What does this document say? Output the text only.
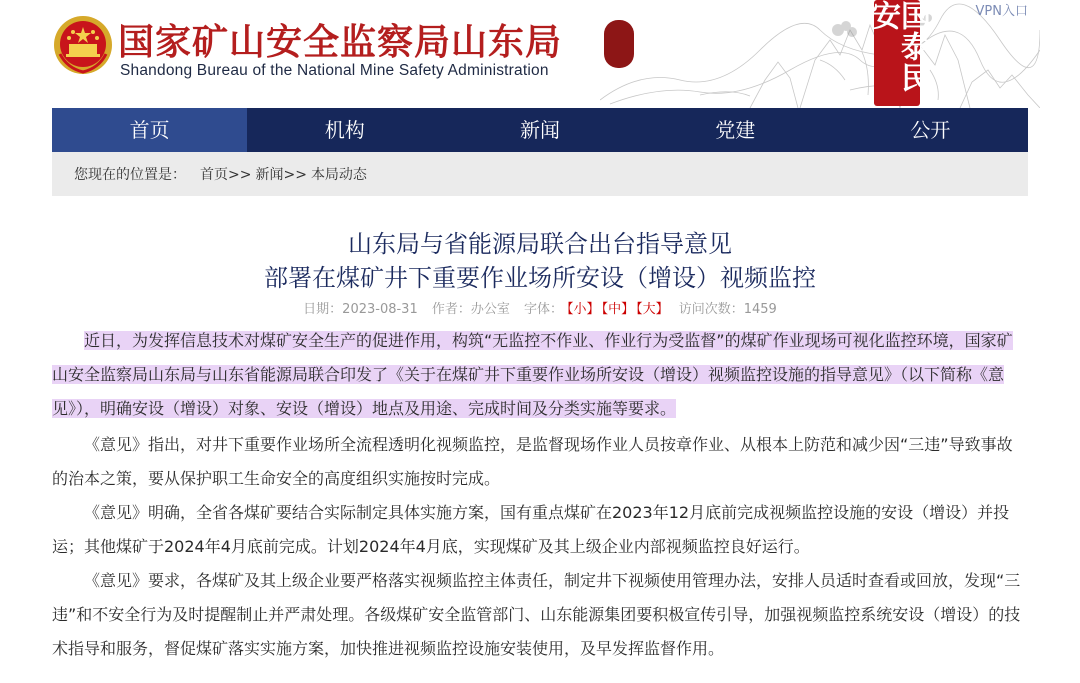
VPN入口
国家矿山安全监察局山东局
Shandong Bureau of the National Mine Safety Administration	国泰民安
首页	机构	新闻	党建	公开
您现在的位置是： 首页>> 新闻>> 本局动态
山东局与省能源局联合出台指导意见
部署在煤矿井下重要作业场所安设（增设）视频监控
日期：2023-08-31 作者：办公室 字体： 【小】 【中】 【大】 访问次数：1459

近日，为发挥信息技术对煤矿安全生产的促进作用，构筑“无监控不作业、作业行为受监督”的煤矿作业现场可视化监控环境，国家矿山安全监察局山东局与山东省能源局联合印发了《关于在煤矿井下重要作业场所安设（增设）视频监控设施的指导意见》（以下简称《意见》），明确安设（增设）对象、安设（增设）地点及用途、完成时间及分类实施等要求。

《意见》指出，对井下重要作业场所全流程透明化视频监控，是监督现场作业人员按章作业、从根本上防范和减少因“三违”导致事故的治本之策，要从保护职工生命安全的高度组织实施按时完成。

《意见》明确，全省各煤矿要结合实际制定具体实施方案，国有重点煤矿在2023年12月底前完成视频监控设施的安设（增设）并投运；其他煤矿于2024年4月底前完成。计划2024年4月底，实现煤矿及其上级企业内部视频监控良好运行。

《意见》要求，各煤矿及其上级企业要严格落实视频监控主体责任，制定井下视频使用管理办法，安排人员适时查看或回放，发现“三违”和不安全行为及时提醒制止并严肃处理。各级煤矿安全监管部门、山东能源集团要积极宣传引导，加强视频监控系统安设（增设）的技术指导和服务，督促煤矿落实实施方案，加快推进视频监控设施安装使用，及早发挥监督作用。
